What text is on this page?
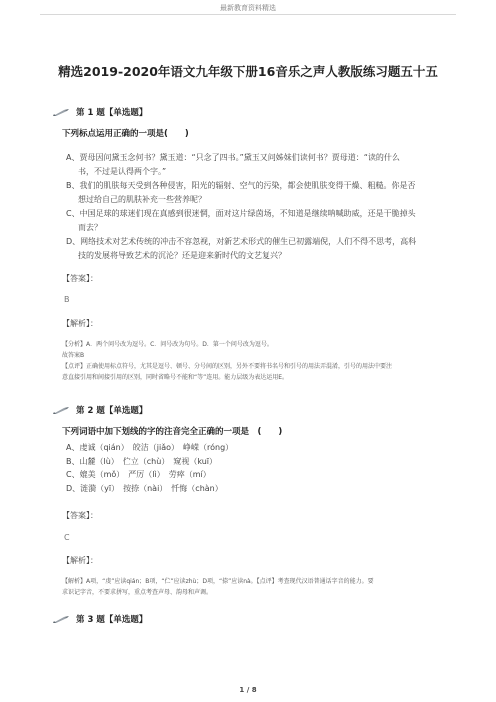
最新教育资料精选
精选2019-2020年语文九年级下册16音乐之声人教版练习题五十五
第 1 题【单选题】
下列标点运用正确的一项是(　　)
A、贾母因问黛玉念何书？黛玉道：“只念了四书。”黛玉又问姊妹们读何书？贾母道：“读的什么
书，不过是认得两个字。”
B、我们的肌肤每天受到各种侵害，阳光的辐射、空气的污染，都会使肌肤变得干燥、粗糙。你是否
想过给自己的肌肤补充一些营养呢？
C、中国足球的球迷们现在真感到很迷惘，面对这片绿茵场，不知道是继续呐喊助威，还是干脆掉头
而去？
D、网络技术对艺术传统的冲击不容忽视，对新艺术形式的催生已初露端倪，人们不得不思考，高科
技的发展将导致艺术的沉沦？还是迎来新时代的文艺复兴？
【答案】：
B
【解析】：
【分析】A．两个问号改为逗号。C．问号改为句号。D．第一个问号改为逗号。
故答案B
【点评】正确使用标点符号，尤其是逗号、顿号、分号间的区别，另外不要将书名号和引号的用法弄混淆，引号的用法中要注
意直接引用和间接引用的区别，同时省略号不能和“等”连用。能力层级为表达运用E。
第 2 题【单选题】
下列词语中加下划线的字的注音完全正确的一项是　(　　)
A、虔诚（qián）　皎洁（jiǎo）　峥嵘（róng）
B、山麓（lù）　伫立（chù）　窥视（kuī）
C、媲美（mǒ）　严厉（lì）　劳瘁（mí）
D、涟漪（yī）　按捺（nài）　忏悔（chàn）
【答案】：
C
【解析】：
【解析】A项，“虔”应读qián；B项，“伫”应读zhù；D项，“捺”应读nà。【点评】考查现代汉语普通话字音的能力。要
求识记字音，不要求拼写，重点考查声母、韵母和声调。
第 3 题【单选题】
1 / 8
